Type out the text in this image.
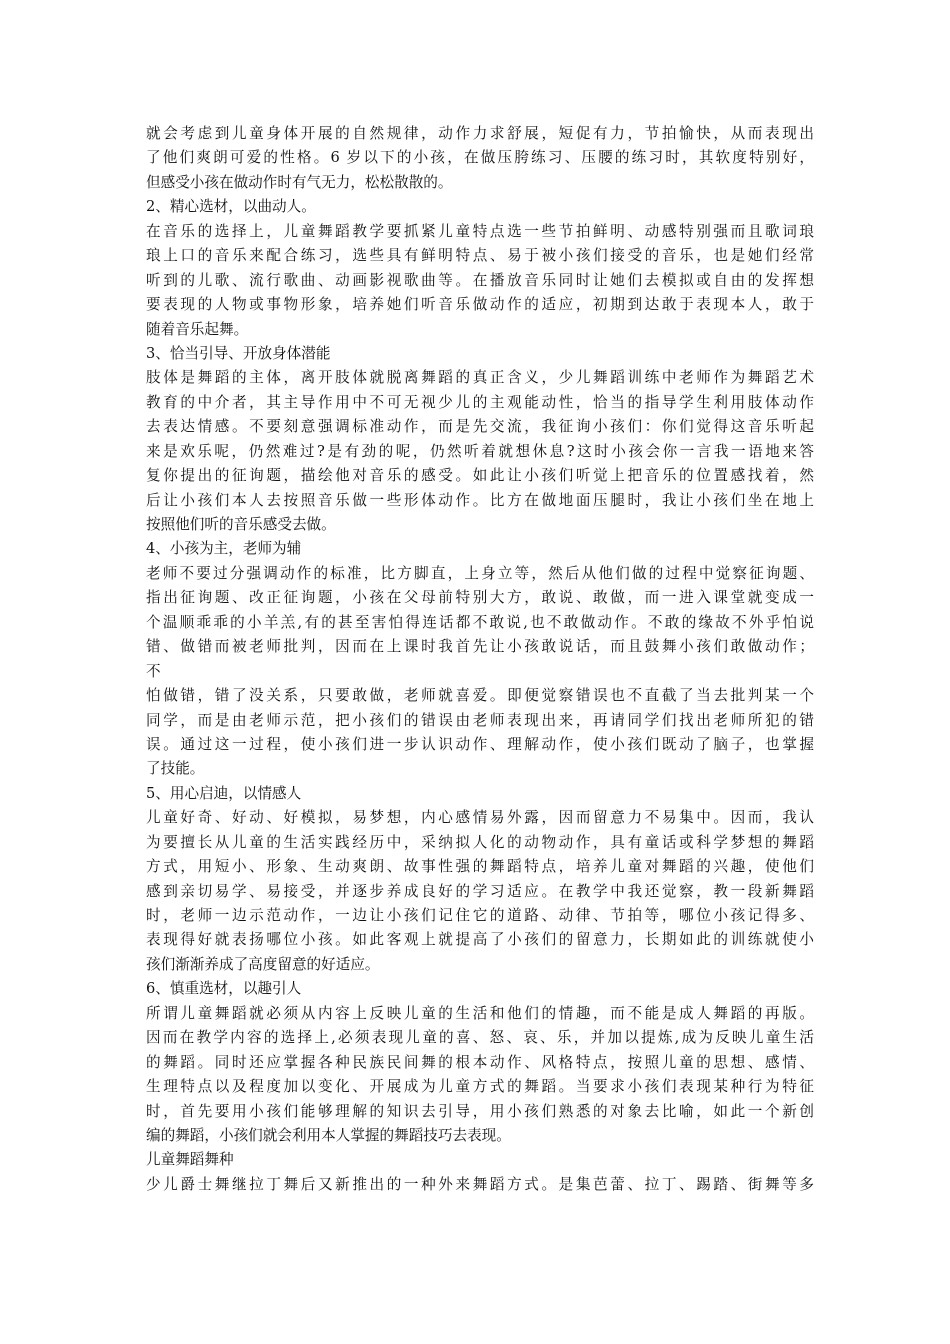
就会考虑到儿童身体开展的自然规律，动作力求舒展，短促有力，节拍愉快，从而表现出
了他们爽朗可爱的性格。6 岁以下的小孩，在做压胯练习、压腰的练习时，其软度特别好，
但感受小孩在做动作时有气无力，松松散散的。
2、精心选材，以曲动人。
在音乐的选择上，儿童舞蹈教学要抓紧儿童特点选一些节拍鲜明、动感特别强而且歌词琅
琅上口的音乐来配合练习，选些具有鲜明特点、易于被小孩们接受的音乐，也是她们经常
听到的儿歌、流行歌曲、动画影视歌曲等。在播放音乐同时让她们去模拟或自由的发挥想
要表现的人物或事物形象，培养她们听音乐做动作的适应，初期到达敢于表现本人，敢于
随着音乐起舞。
3、恰当引导、开放身体潜能
肢体是舞蹈的主体，离开肢体就脱离舞蹈的真正含义，少儿舞蹈训练中老师作为舞蹈艺术
教育的中介者，其主导作用中不可无视少儿的主观能动性，恰当的指导学生利用肢体动作
去表达情感。不要刻意强调标准动作，而是先交流，我征询小孩们：你们觉得这音乐听起
来是欢乐呢，仍然难过?是有劲的呢，仍然听着就想休息?这时小孩会你一言我一语地来答
复你提出的征询题，描绘他对音乐的感受。如此让小孩们听觉上把音乐的位置感找着，然
后让小孩们本人去按照音乐做一些形体动作。比方在做地面压腿时，我让小孩们坐在地上
按照他们听的音乐感受去做。
4、小孩为主，老师为辅
老师不要过分强调动作的标准，比方脚直，上身立等，然后从他们做的过程中觉察征询题、
指出征询题、改正征询题，小孩在父母前特别大方，敢说、敢做，而一进入课堂就变成一
个温顺乖乖的小羊羔,有的甚至害怕得连话都不敢说,也不敢做动作。不敢的缘故不外乎怕说
错、做错而被老师批判，因而在上课时我首先让小孩敢说话，而且鼓舞小孩们敢做动作；
不
怕做错，错了没关系，只要敢做，老师就喜爱。即便觉察错误也不直截了当去批判某一个
同学，而是由老师示范，把小孩们的错误由老师表现出来，再请同学们找出老师所犯的错
误。通过这一过程，使小孩们进一步认识动作、理解动作，使小孩们既动了脑子，也掌握
了技能。
5、用心启迪，以情感人
儿童好奇、好动、好模拟，易梦想，内心感情易外露，因而留意力不易集中。因而，我认
为要擅长从儿童的生活实践经历中，采纳拟人化的动物动作，具有童话或科学梦想的舞蹈
方式，用短小、形象、生动爽朗、故事性强的舞蹈特点，培养儿童对舞蹈的兴趣，使他们
感到亲切易学、易接受，并逐步养成良好的学习适应。在教学中我还觉察，教一段新舞蹈
时，老师一边示范动作，一边让小孩们记住它的道路、动律、节拍等，哪位小孩记得多、
表现得好就表扬哪位小孩。如此客观上就提高了小孩们的留意力，长期如此的训练就使小
孩们渐渐养成了高度留意的好适应。
6、慎重选材，以趣引人
所谓儿童舞蹈就必须从内容上反映儿童的生活和他们的情趣，而不能是成人舞蹈的再版。
因而在教学内容的选择上,必须表现儿童的喜、怒、哀、乐，并加以提炼,成为反映儿童生活
的舞蹈。同时还应掌握各种民族民间舞的根本动作、风格特点，按照儿童的思想、感情、
生理特点以及程度加以变化、开展成为儿童方式的舞蹈。当要求小孩们表现某种行为特征
时，首先要用小孩们能够理解的知识去引导，用小孩们熟悉的对象去比喻，如此一个新创
编的舞蹈，小孩们就会利用本人掌握的舞蹈技巧去表现。
儿童舞蹈舞种
少儿爵士舞继拉丁舞后又新推出的一种外来舞蹈方式。是集芭蕾、拉丁、踢踏、街舞等多
